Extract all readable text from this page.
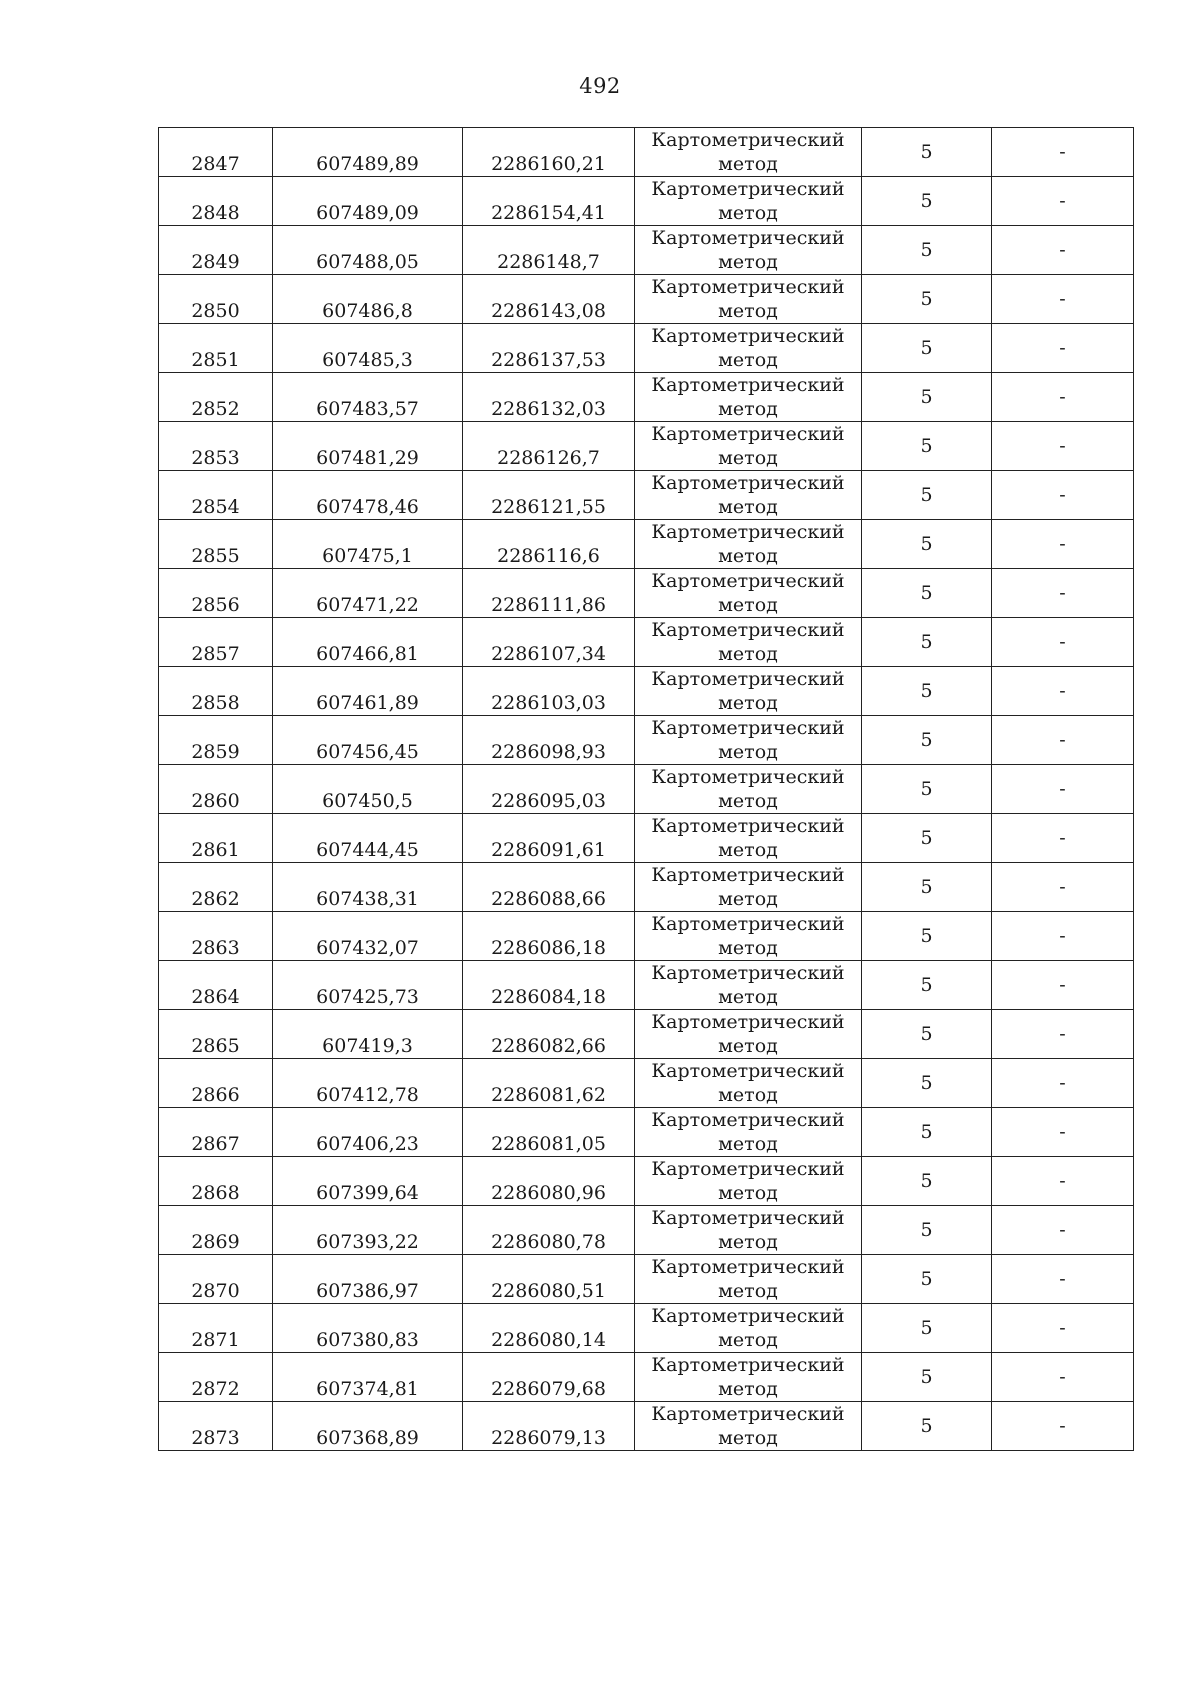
492
2847	607489,89	2286160,21	Картометрический
метод	5	-
2848	607489,09	2286154,41	Картометрический
метод	5	-
2849	607488,05	2286148,7	Картометрический
метод	5	-
2850	607486,8	2286143,08	Картометрический
метод	5	-
2851	607485,3	2286137,53	Картометрический
метод	5	-
2852	607483,57	2286132,03	Картометрический
метод	5	-
2853	607481,29	2286126,7	Картометрический
метод	5	-
2854	607478,46	2286121,55	Картометрический
метод	5	-
2855	607475,1	2286116,6	Картометрический
метод	5	-
2856	607471,22	2286111,86	Картометрический
метод	5	-
2857	607466,81	2286107,34	Картометрический
метод	5	-
2858	607461,89	2286103,03	Картометрический
метод	5	-
2859	607456,45	2286098,93	Картометрический
метод	5	-
2860	607450,5	2286095,03	Картометрический
метод	5	-
2861	607444,45	2286091,61	Картометрический
метод	5	-
2862	607438,31	2286088,66	Картометрический
метод	5	-
2863	607432,07	2286086,18	Картометрический
метод	5	-
2864	607425,73	2286084,18	Картометрический
метод	5	-
2865	607419,3	2286082,66	Картометрический
метод	5	-
2866	607412,78	2286081,62	Картометрический
метод	5	-
2867	607406,23	2286081,05	Картометрический
метод	5	-
2868	607399,64	2286080,96	Картометрический
метод	5	-
2869	607393,22	2286080,78	Картометрический
метод	5	-
2870	607386,97	2286080,51	Картометрический
метод	5	-
2871	607380,83	2286080,14	Картометрический
метод	5	-
2872	607374,81	2286079,68	Картометрический
метод	5	-
2873	607368,89	2286079,13	Картометрический
метод	5	-
